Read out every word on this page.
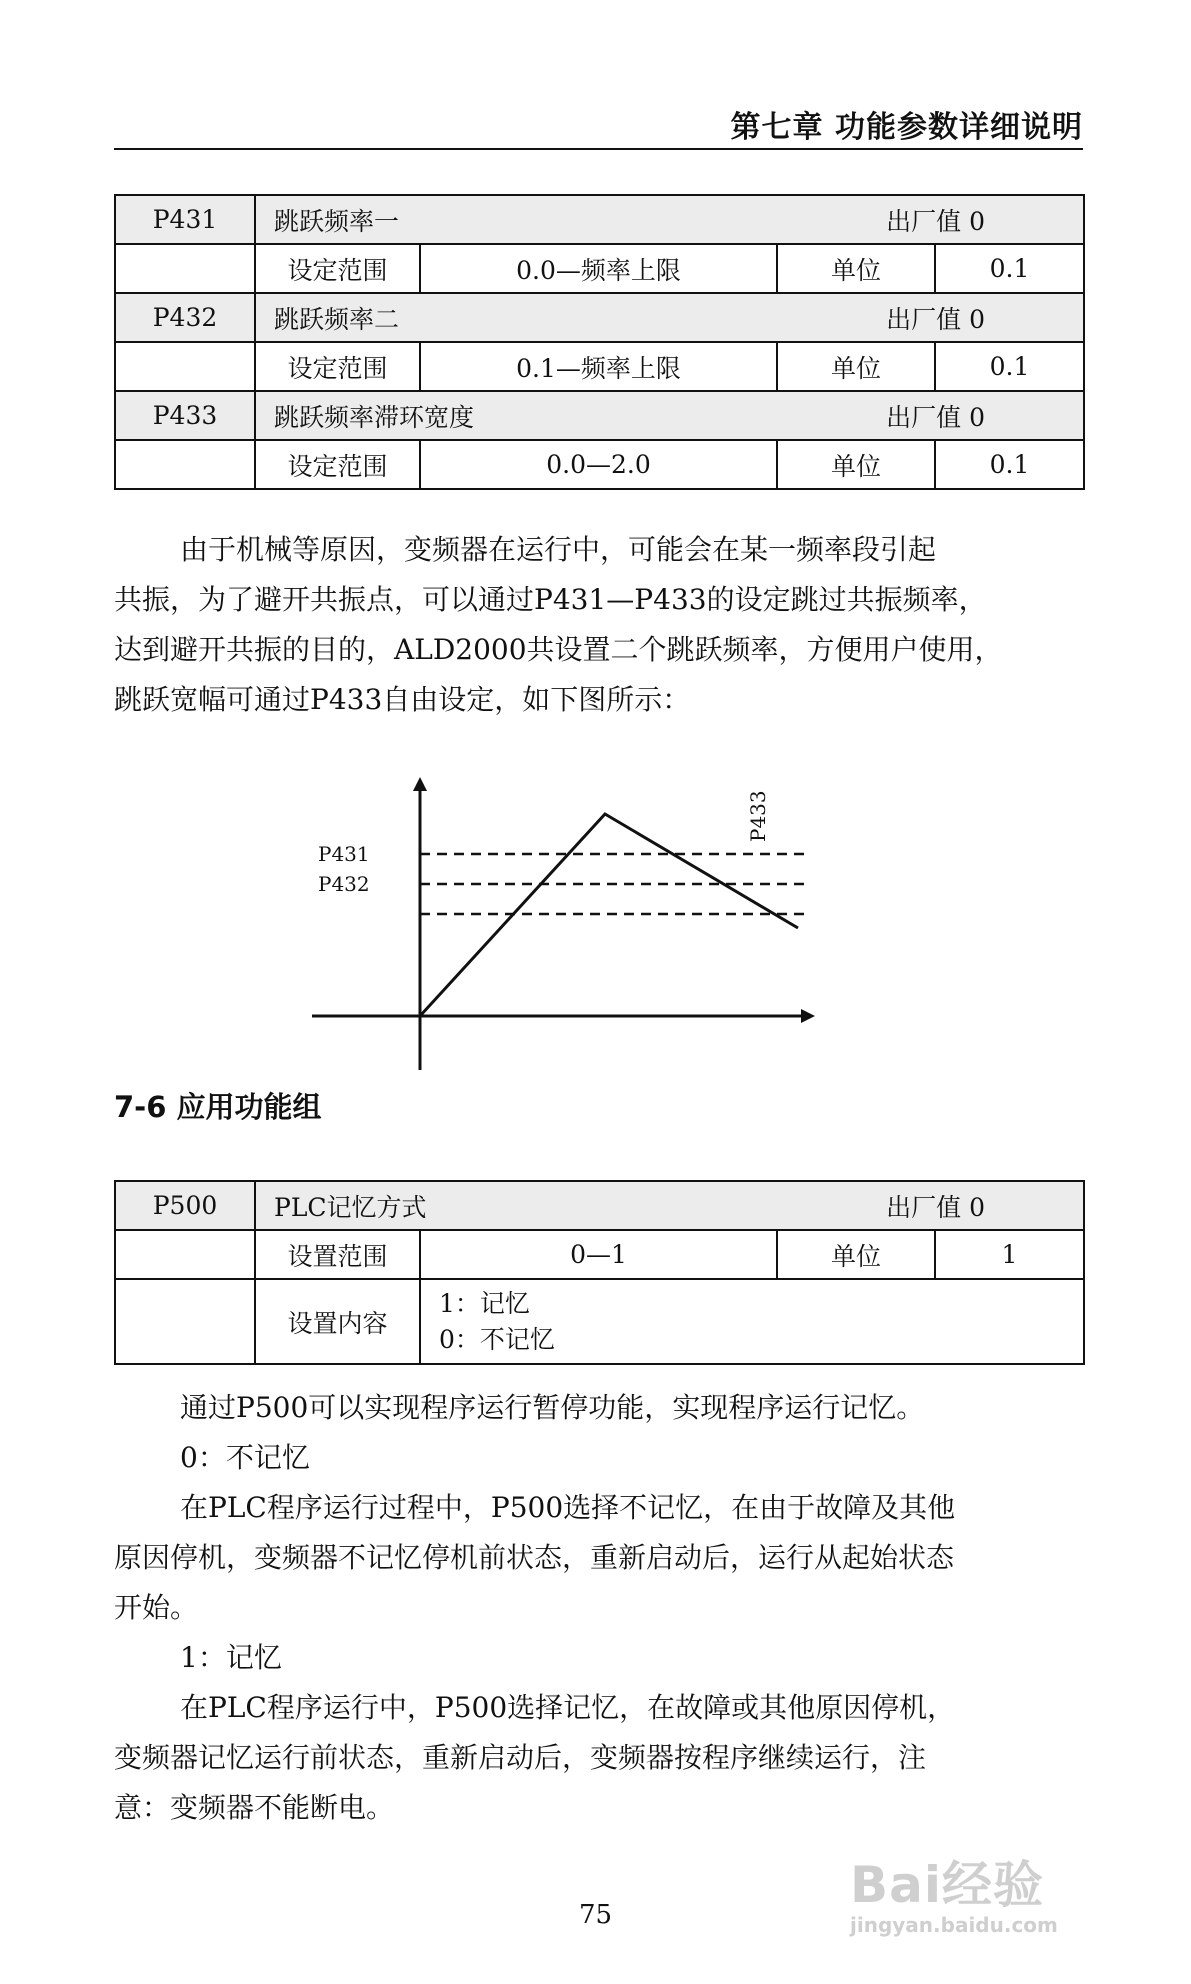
第七章 功能参数详细说明
P431	跳跃频率一 出厂值 0			

	设定范围	0.0—频率上限	单位	0.1
P432	跳跃频率二 出厂值 0			

	设定范围	0.1—频率上限	单位	0.1
P433	跳跃频率滞环宽度 出厂值 0			

	设定范围	0.0—2.0	单位	0.1
由于机械等原因，变频器在运行中，可能会在某一频率段引起
共振，为了避开共振点，可以通过P431—P433的设定跳过共振频率，
达到避开共振的目的，ALD2000共设置二个跳跃频率，方便用户使用，
跳跃宽幅可通过P433自由设定，如下图所示：
P431
P432
P433
7-6 应用功能组
P500	PLC记忆方式 出厂值 0			

	设置范围	0—1	单位	1
	设置内容	1：记忆
0：不记忆		
通过P500可以实现程序运行暂停功能，实现程序运行记忆。
0：不记忆
在PLC程序运行过程中，P500选择不记忆，在由于故障及其他
原因停机，变频器不记忆停机前状态，重新启动后，运行从起始状态
开始。
1：记忆
在PLC程序运行中，P500选择记忆，在故障或其他原因停机，
变频器记忆运行前状态，重新启动后，变频器按程序继续运行，注
意：变频器不能断电。
75
Bai经验
jingyan.baidu.com
